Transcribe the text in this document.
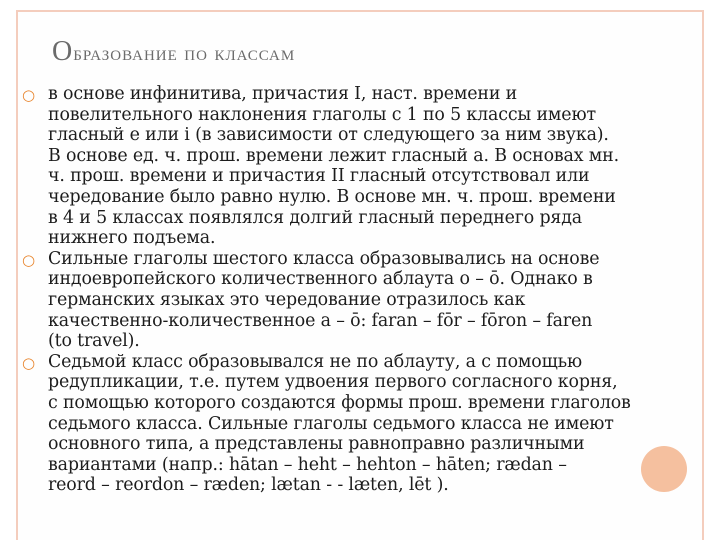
Образование по классам
○ в основе инфинитива, причастия I, наст. времени и
повелительного наклонения глаголы с 1 по 5 классы имеют
гласный e или i (в зависимости от следующего за ним звука).
В основе ед. ч. прош. времени лежит гласный a. В основах мн.
ч. прош. времени и причастия II гласный отсутствовал или
чередование было равно нулю. В основе мн. ч. прош. времени
в 4 и 5 классах появлялся долгий гласный переднего ряда
нижнего подъема.
○ Сильные глаголы шестого класса образовывались на основе
индоевропейского количественного аблаута o – ō. Однако в
германских языках это чередование отразилось как
качественно-количественное a – ō: faran – fōr – fōron – faren
(to travel).
○ Седьмой класс образовывался не по аблауту, а с помощью
редупликации, т.е. путем удвоения первого согласного корня,
с помощью которого создаются формы прош. времени глаголов
седьмого класса. Сильные глаголы седьмого класса не имеют
основного типа, а представлены равноправно различными
вариантами (напр.: hātan – heht – hehton – hāten; rædan –
reord – reordon – ræden; lætan - - læten, lēt ).
